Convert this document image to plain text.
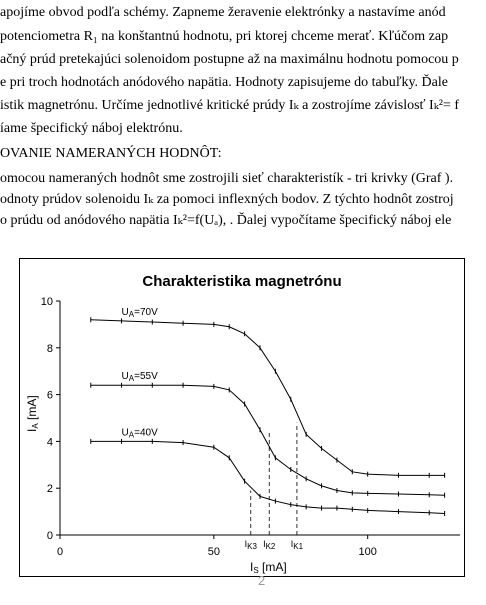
apojíme obvod podľa schémy. Zapneme žeravenie elektrónky a nastavíme anód
potenciometra R₁ na konštantnú hodnotu, pri ktorej chceme merať. Kľúčom zap
ačný prúd pretekajúci solenoidom postupne až na maximálnu hodnotu pomocou p
e pri troch hodnotách anódového napätia. Hodnoty zapisujeme do tabuľky. Ďale
istik magnetrónu. Určíme jednotlivé kritické prúdy Iₖ a zostrojíme závislosť Iₖ²= f
íame špecifický náboj elektrónu.
OVANIE NAMERANÝCH HODNÔT:
omocou nameraných hodnôt sme zostrojili sieť charakteristík - tri krivky (Graf ).
odnoty prúdov solenoidu Iₖ za pomoci inflexných bodov. Z týchto hodnôt zostroj
o prúdu od anódového napätia Iₖ²=f(Uₐ), . Ďalej vypočítame špecifický náboj ele
Charakteristika magnetrónu
0
2
4
6
8
10
0	50	100
IS [mA]
IA [mA]
IK3 IK2 IK1
$U_A=70V$
$U_A=55V$
$U_A=40V$
2
